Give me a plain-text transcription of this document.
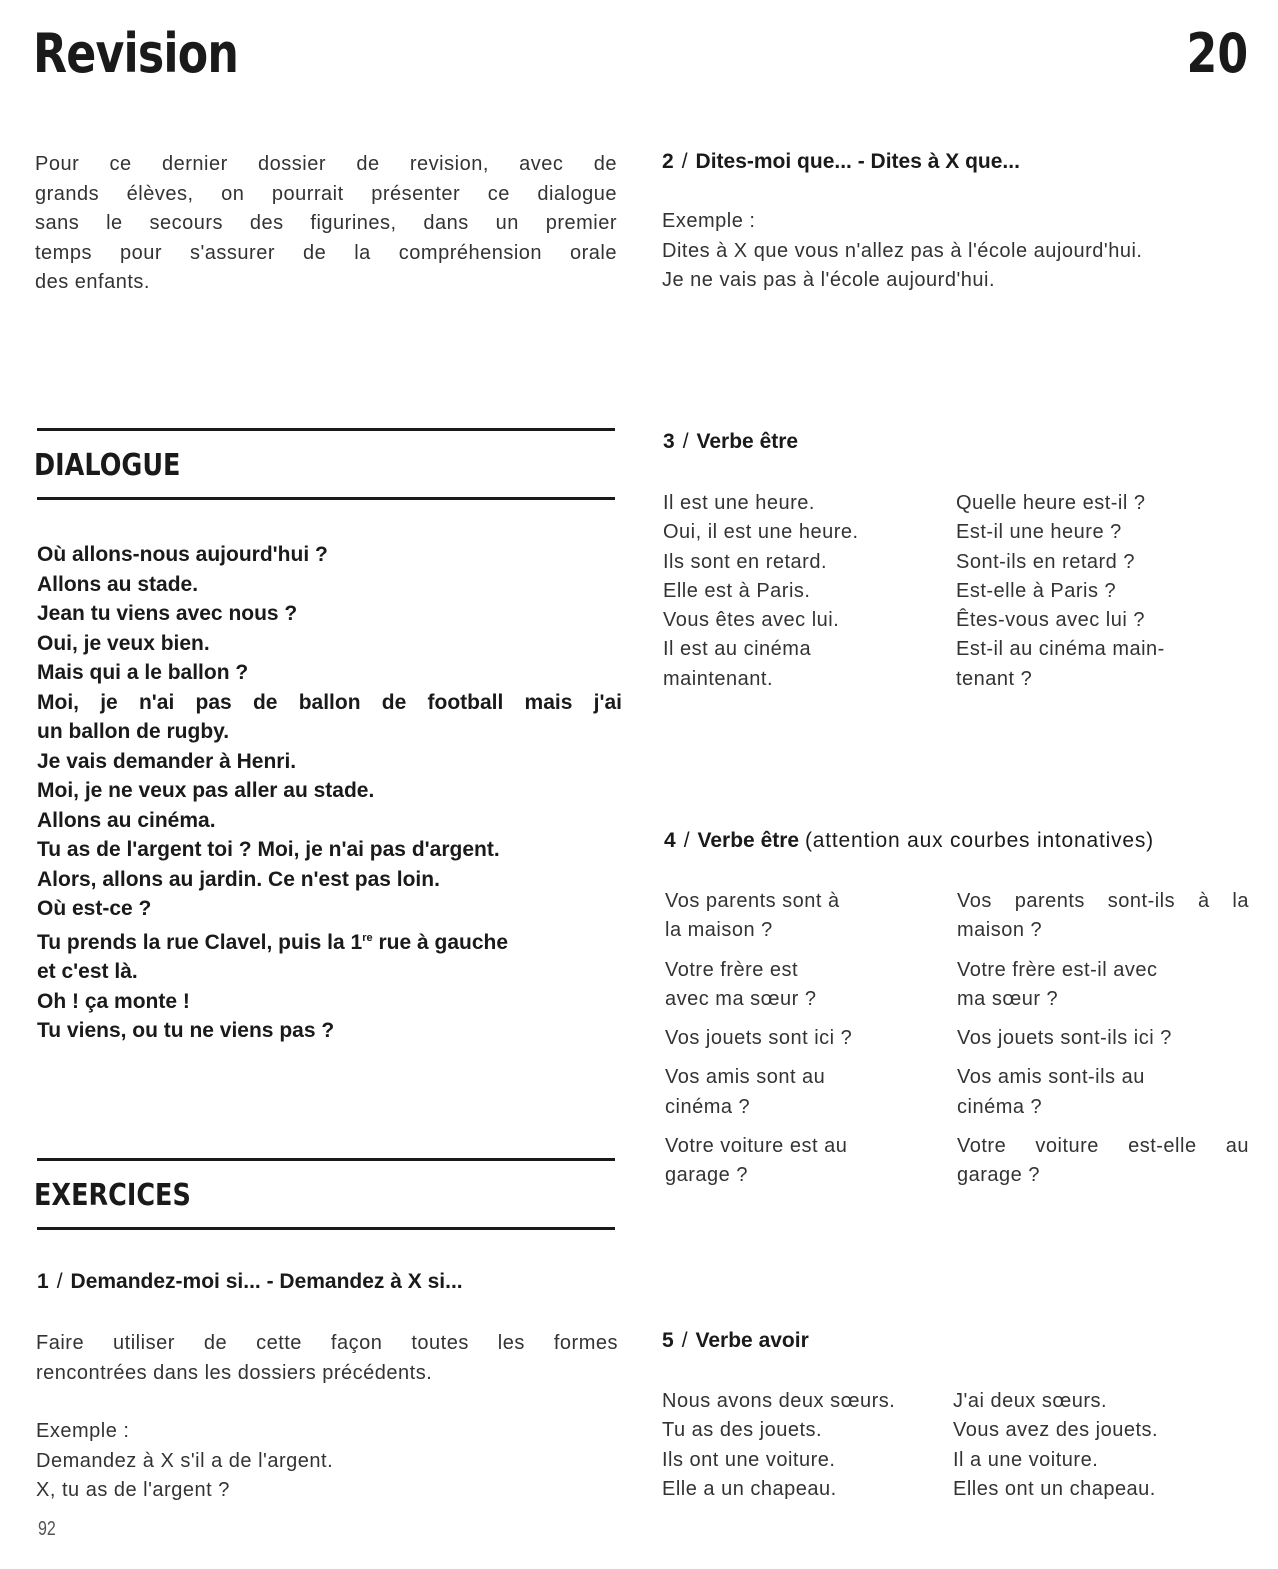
Revision	20
Pour ce dernier dossier de revision, avec de
grands élèves, on pourrait présenter ce dialogue
sans le secours des figurines, dans un premier
temps pour s'assurer de la compréhension orale
des enfants.
DIALOGUE
Où allons-nous aujourd'hui ?
Allons au stade.
Jean tu viens avec nous ?
Oui, je veux bien.
Mais qui a le ballon ?
Moi, je n'ai pas de ballon de football mais j'ai
un ballon de rugby.
Je vais demander à Henri.
Moi, je ne veux pas aller au stade.
Allons au cinéma.
Tu as de l'argent toi ? Moi, je n'ai pas d'argent.
Alors, allons au jardin. Ce n'est pas loin.
Où est-ce ?
Tu prends la rue Clavel, puis la 1re rue à gauche
et c'est là.
Oh ! ça monte !
Tu viens, ou tu ne viens pas ?
EXERCICES
1 / Demandez-moi si... - Demandez à X si...
Faire utiliser de cette façon toutes les formes
rencontrées dans les dossiers précédents.
Exemple :
Demandez à X s'il a de l'argent.
X, tu as de l'argent ?
2 / Dites-moi que... - Dites à X que...
Exemple :
Dites à X que vous n'allez pas à l'école aujourd'hui.
Je ne vais pas à l'école aujourd'hui.
3 / Verbe être
Il est une heure.
Oui, il est une heure.
Ils sont en retard.
Elle est à Paris.
Vous êtes avec lui.
Il est au cinéma
maintenant.
Quelle heure est-il ?
Est-il une heure ?
Sont-ils en retard ?
Est-elle à Paris ?
Êtes-vous avec lui ?
Est-il au cinéma main-
tenant ?
4 / Verbe être (attention aux courbes intonatives)
Vos parents sont à
la maison ?
Votre frère est
avec ma sœur ?
Vos jouets sont ici ?
Vos amis sont au
cinéma ?
Votre voiture est au
garage ?
Vos parents sont-ils à la
maison ?
Votre frère est-il avec
ma sœur ?
Vos jouets sont-ils ici ?
Vos amis sont-ils au
cinéma ?
Votre voiture est-elle au
garage ?
5 / Verbe avoir
Nous avons deux sœurs.
Tu as des jouets.
Ils ont une voiture.
Elle a un chapeau.
J'ai deux sœurs.
Vous avez des jouets.
Il a une voiture.
Elles ont un chapeau.
92
